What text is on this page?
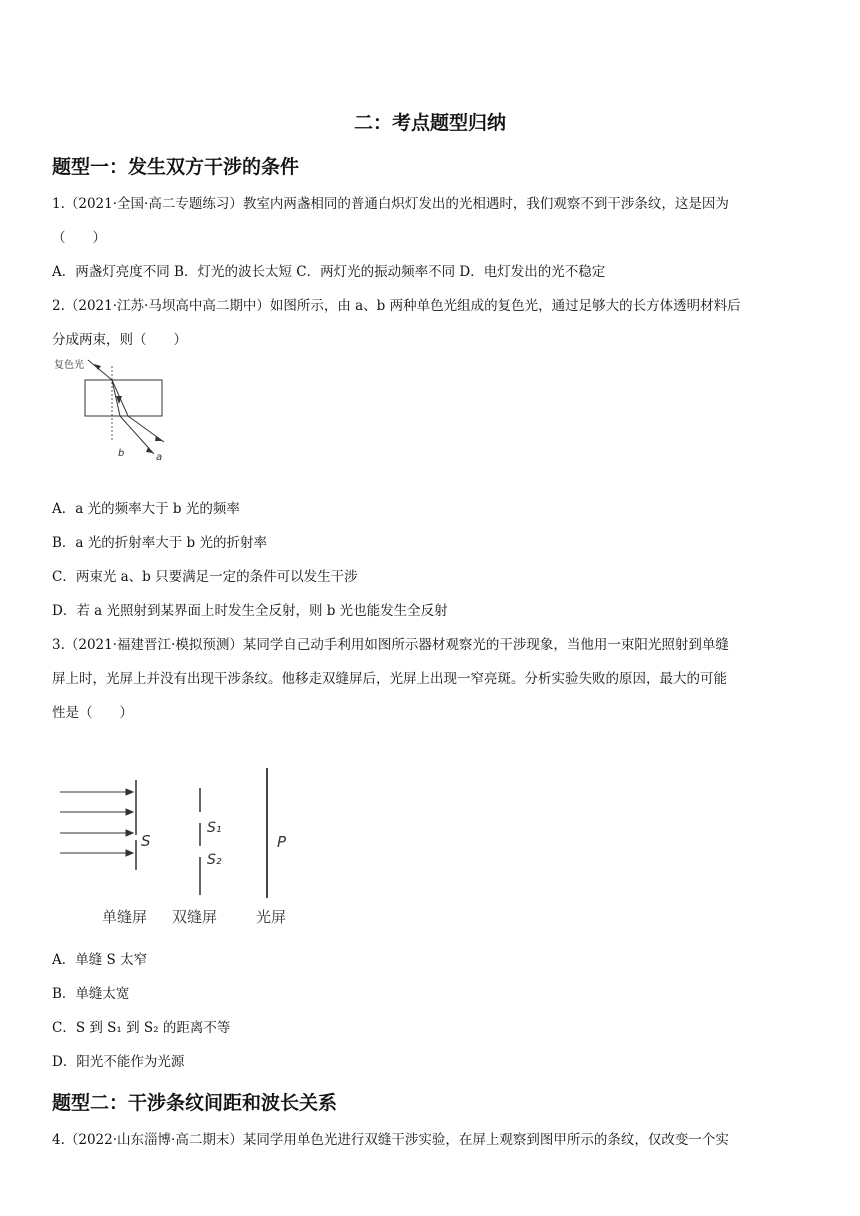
二：考点题型归纳
题型一：发生双方干涉的条件
1.（2021·全国·高二专题练习）教室内两盏相同的普通白炽灯发出的光相遇时，我们观察不到干涉条纹，这是因为
（　　）
A．两盏灯亮度不同 B．灯光的波长太短 C．两灯光的振动频率不同 D．电灯发出的光不稳定
2.（2021·江苏·马坝高中高二期中）如图所示，由 a、b 两种单色光组成的复色光，通过足够大的长方体透明材料后
分成两束，则（　　）
复色光
b	a
A．a 光的频率大于 b 光的频率
B．a 光的折射率大于 b 光的折射率
C．两束光 a、b 只要满足一定的条件可以发生干涉
D．若 a 光照射到某界面上时发生全反射，则 b 光也能发生全反射
3.（2021·福建晋江·模拟预测）某同学自己动手利用如图所示器材观察光的干涉现象，当他用一束阳光照射到单缝
屏上时，光屏上并没有出现干涉条纹。他移走双缝屏后，光屏上出现一窄亮斑。分析实验失败的原因，最大的可能
性是（　　）
S
S₁
S₂
P
单缝屏 双缝屏	光屏
A．单缝 S 太窄
B．单缝太宽
C．S 到 S₁ 到 S₂ 的距离不等
D．阳光不能作为光源
题型二：干涉条纹间距和波长关系
4.（2022·山东淄博·高二期末）某同学用单色光进行双缝干涉实验，在屏上观察到图甲所示的条纹，仅改变一个实
